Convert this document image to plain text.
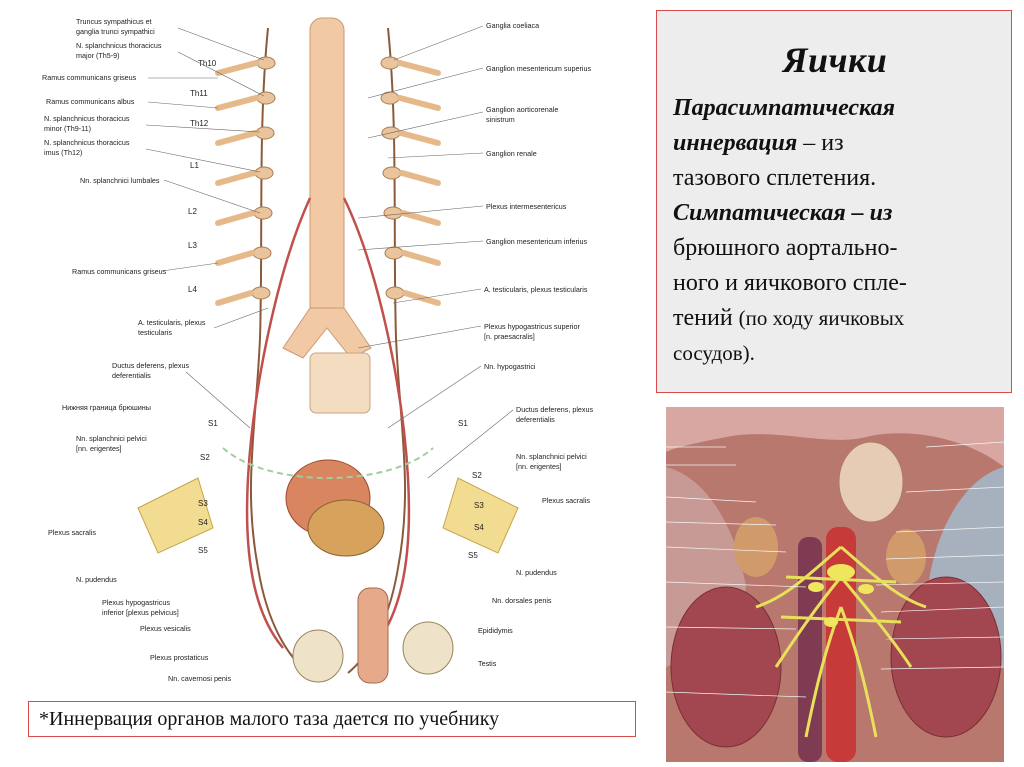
Truncus sympathicus et
ganglia trunci sympathici
N. splanchnicus thoracicus
major (Th5-9)
Ramus communicans griseus
Ramus communicans albus
N. splanchnicus thoracicus
minor (Th9-11)
N. splanchnicus thoracicus
imus (Th12)
Nn. splanchnici lumbales
Ramus communicans griseus
A. testicularis, plexus
testicularis
Ductus deferens, plexus
deferentialis
Нижняя граница брюшины
Nn. splanchnici pelvici
[nn. erigentes]
Plexus sacralis
N. pudendus
Plexus hypogastricus
inferior [plexus pelvicus]
Plexus vesicalis
Plexus prostaticus
Nn. cavernosi penis
Ganglia coeliaca
Ganglion mesentericum superius
Ganglion aorticorenale
sinistrum
Ganglion renale
Plexus intermesentericus
Ganglion mesentericum inferius
A. testicularis, plexus testicularis
Plexus hypogastricus superior
[n. praesacralis]
Nn. hypogastrici
Ductus deferens, plexus
deferentialis
Nn. splanchnici pelvici
[nn. erigentes]
Plexus sacralis
N. pudendus
Nn. dorsales penis
Epididymis
Testis
Th10
Th11
Th12
L1
L2
L3
L4
S1
S2
S3
S4
S5
S1
S2
S3
S4
S5
Яички
Парасимпатическая
иннервация – из
тазового сплетения.
Симпатическая – из
брюшного аортально-
ного и яичкового спле-
тений (по ходу яичковых
сосудов).
*Иннервация органов малого таза дается по учебнику
